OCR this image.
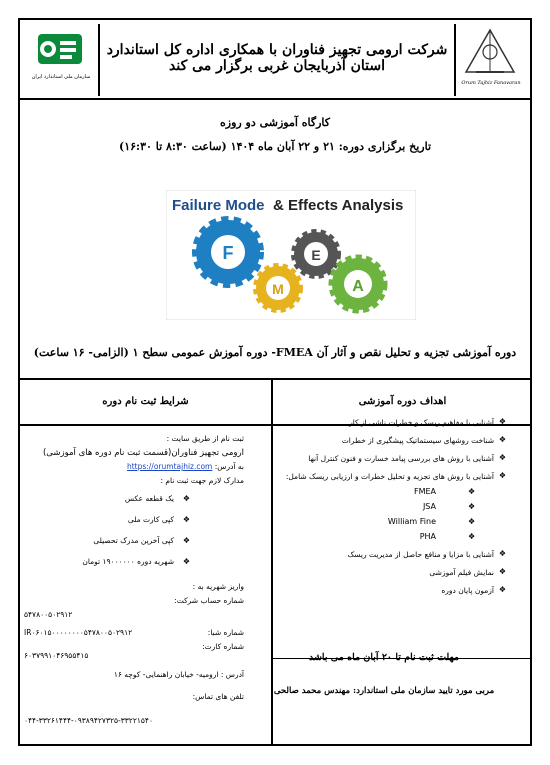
سازمان ملی استاندارد ایران
شرکت ارومی تجهیز فناوران با همکاری اداره کل استاندارد استان آذربایجان غربی برگزار می کند
Orum Tajhiz Fanavaran
کارگاه آموزشی دو روزه
تاریخ برگزاری دوره: ۲۱ و ۲۲ آبان ماه ۱۴۰۴ (ساعت ۸:۳۰ تا ۱۶:۳۰)
Failure Mode & Effects Analysis
F
M
E
A
دوره آموزشی تجزیه و تحلیل نقص و آثار آن FMEA- دوره آموزش عمومی سطح ۱ (الزامی- ۱۶ ساعت)
شرایط ثبت نام دوره	اهداف دوره آموزشی
❖
آشنایی با مفاهیم ریسک و خطرات ناشی از کار
❖
شناخت روشهای سیستماتیک پیشگیری از خطرات
❖
آشنایی با روش های بررسی پیامد خسارت و فنون کنترل آنها
❖
آشنایی با روش های تجزیه و تحلیل خطرات و ارزیابی ریسک شامل:
FMEA	❖
JSA	❖
William Fine	❖
PHA	❖
❖
آشنایی با مزایا و منافع حاصل از مدیریت ریسک
❖
نمایش فیلم آموزشی
❖
آزمون پایان دوره
مهلت ثبت نام تا ۲۰ آبان ماه می باشد
مربی مورد تایید سازمان ملی استاندارد: مهندس محمد صالحی
ثبت نام از طریق سایت :
ارومی تجهیز فناوران(قسمت ثبت نام دوره های آموزشی)
به آدرس: https://orumtajhiz.com
مدارک لازم جهت ثبت نام :
❖
یک قطعه عکس
❖
کپی کارت ملی
❖
کپی آخرین مدرک تحصیلی
❖
شهریه دوره ۱۹۰۰۰۰۰۰ تومان
واریز شهریه به :
شماره حساب شرکت:
۵۴۷۸۰۰۵۰۲۹۱۲
شماره شبا:
IR۰۶۰۱۵۰۰۰۰۰۰۰۰۵۴۷۸۰۰۵۰۲۹۱۲
شماره کارت:
۶۰۳۷۹۹۱۰۴۶۹۵۵۴۱۵
آدرس : ارومیه- خیابان راهنمایی- کوچه ۱۶
تلفن های تماس:
۰۴۴-۳۳۲۶۱۴۴۴-۰۹۳۸۹۴۲۷۳۲۵-۳۳۲۲۱۵۴۰
